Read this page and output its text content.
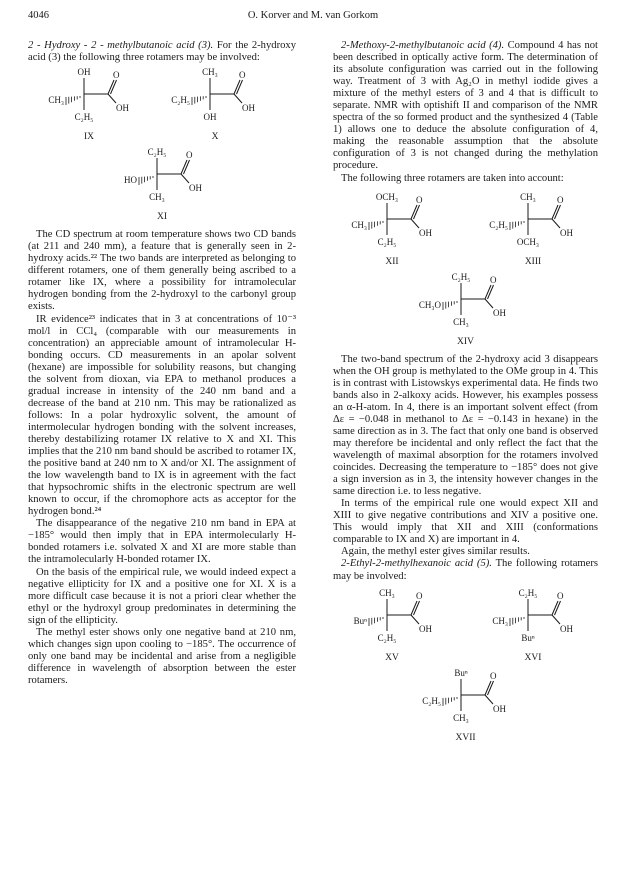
4046	O. Korver and M. van Gorkom

2 - Hydroxy - 2 - methylbutanoic acid (3). For the 2-hydroxy acid (3) the following three rotamers may be involved:

O
OH
OH
CH₃
C₂H₅
IX
O
OH
CH₃
C₂H₅
OH
X
O
OH
C₂H₅
HO
CH₃
XI

The CD spectrum at room temperature shows two CD bands (at 211 and 240 mm), a feature that is generally seen in 2-hydroxy acids.²² The two bands are interpreted as belonging to different rotamers, one of them generally being ascribed to a rotamer like IX, where a possibility for intramolecular hydrogen bonding from the 2-hydroxyl to the carbonyl group exists.

IR evidence²³ indicates that in 3 at concentrations of 10⁻³ mol/l in CCl₄ (comparable with our measurements in concentration) an appreciable amount of intramolecular H-bonding occurs. CD measurements in an apolar solvent (hexane) are impossible for solubility reasons, but changing the solvent from dioxan, via EPA to methanol produces a gradual increase in intensity of the 240 nm band and a decrease of the band at 210 nm. This may be rationalized as follows: In a polar hydroxylic solvent, the amount of intermolecular hydrogen bonding with the solvent increases, thereby destabilizing rotamer IX relative to X and XI. This implies that the 210 nm band should be ascribed to rotamer IX, the positive band at 240 nm to X and/or XI. The assignment of the low wavelength band to IX is in agreement with the fact that hypsochromic shifts in the electronic spectrum are well known to occur, if the chromophore acts as acceptor for the hydrogen bond.²⁴

The disappearance of the negative 210 nm band in EPA at −185° would then imply that in EPA intermolecularly H-bonded rotamers i.e. solvated X and XI are more stable than the intramolecularly H-bonded rotamer IX.

On the basis of the empirical rule, we would indeed expect a negative ellipticity for IX and a positive one for XI. X is a more difficult case because it is not a priori clear whether the ethyl or the hydroxyl group predominates in determining the sign of the ellipticity.

The methyl ester shows only one negative band at 210 nm, which changes sign upon cooling to −185°. The occurrence of only one band may be incidental and arise from a negligible difference in wavelength of absorption between the ester rotamers.

2-Methoxy-2-methylbutanoic acid (4). Compound 4 has not been described in optically active form. The determination of its absolute configuration was carried out in the following way. Treatment of 3 with Ag₂O in methyl iodide gives a mixture of the methyl esters of 3 and 4 that is difficult to separate. NMR with optishift II and comparison of the NMR spectra of the so formed product and the synthesized 4 (Table 1) allows one to deduce the absolute configuration of 4, making the reasonable assumption that the absolute configuration of 3 is not changed during the methylation procedure.

The following three rotamers are taken into account:

O
OH
OCH₃
CH₃
C₂H₅
XII
O
OH
CH₃
C₂H₅
OCH₃
XIII
O
OH
C₂H₅
CH₃O
CH₃
XIV

The two-band spectrum of the 2-hydroxy acid 3 disappears when the OH group is methylated to the OMe group in 4. This is in contrast with Listowskys experimental data. He finds two bands also in 2-alkoxy acids. However, his examples possess an α-H-atom. In 4, there is an important solvent effect (from Δε = −0.048 in methanol to Δε = −0.143 in hexane) in the same direction as in 3. The fact that only one band is observed may therefore be incidental and only reflect the fact that the wavelength of maximal absorption for the rotamers involved coincides. Decreasing the temperature to −185° does not give a sign inversion as in 3, the intensity however changes in the same direction i.e. to less negative.

In terms of the empirical rule one would expect XII and XIII to give negative contributions and XIV a positive one. This would imply that XII and XIII (conformations comparable to IX and X) are important in 4.

Again, the methyl ester gives similar results.

2-Ethyl-2-methylhexanoic acid (5). The following rotamers may be involved:

O
OH
CH₃
Buⁿ
C₂H₅
XV
O
OH
C₂H₅
CH₃
Buⁿ
XVI
O
OH
Buⁿ
C₂H₅
CH₃
XVII
